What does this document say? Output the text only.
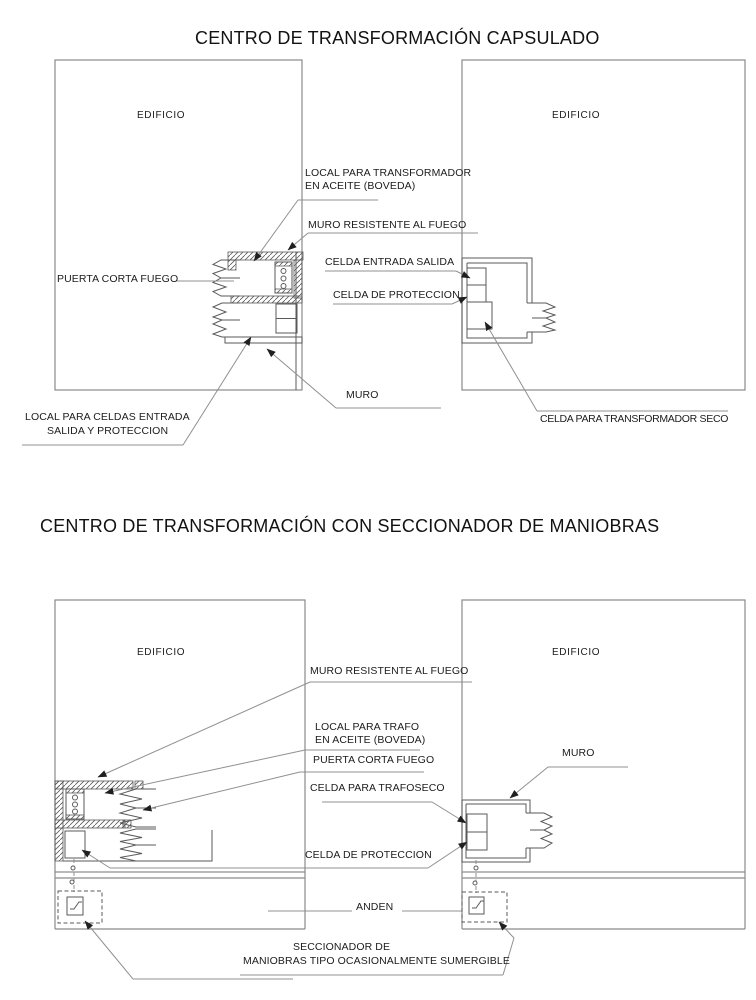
CENTRO DE TRANSFORMACIÓN CAPSULADO
EDIFICIO	EDIFICIO
LOCAL PARA TRANSFORMADOR
EN ACEITE (BOVEDA)
MURO RESISTENTE AL FUEGO
CELDA ENTRADA SALIDA
CELDA DE PROTECCION
PUERTA CORTA FUEGO
LOCAL PARA CELDAS ENTRADA
SALIDA Y PROTECCION
MURO
CELDA PARA TRANSFORMADOR SECO
CENTRO DE TRANSFORMACIÓN CON SECCIONADOR DE MANIOBRAS
EDIFICIO	EDIFICIO
MURO RESISTENTE AL FUEGO
LOCAL PARA TRAFO
EN ACEITE (BOVEDA)
PUERTA CORTA FUEGO
CELDA PARA TRAFOSECO
MURO
CELDA DE PROTECCION
ANDEN
SECCIONADOR DE
MANIOBRAS TIPO OCASIONALMENTE SUMERGIBLE
